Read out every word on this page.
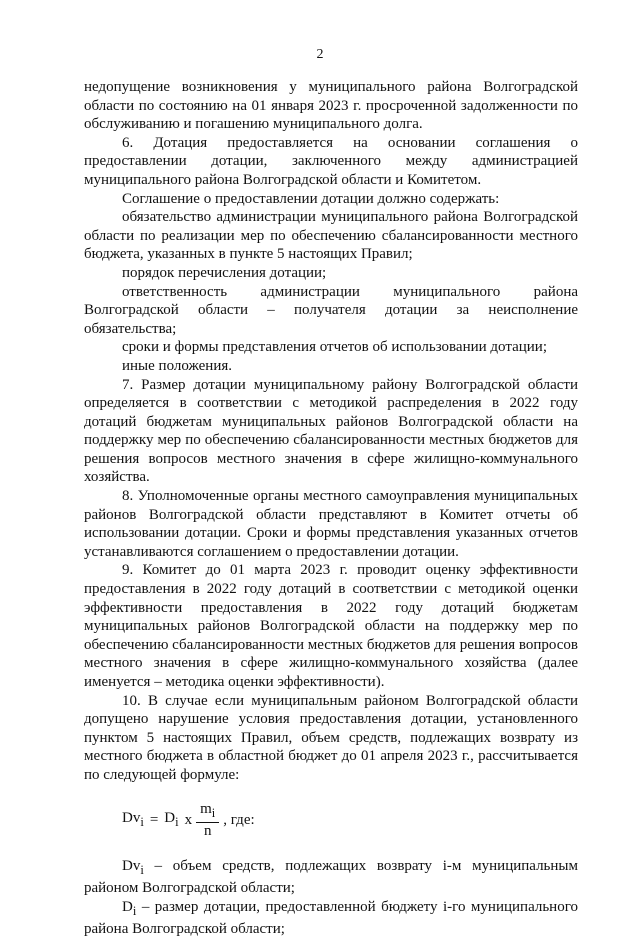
2

недопущение возникновения у муниципального района Волгоградской области по состоянию на 01 января 2023 г. просроченной задолженности по обслуживанию и погашению муниципального долга.

6. Дотация предоставляется на основании соглашения о предоставлении дотации, заключенного между администрацией муниципального района Волгоградской области и Комитетом.

Соглашение о предоставлении дотации должно содержать:

обязательство администрации муниципального района Волгоградской области по реализации мер по обеспечению сбалансированности местного бюджета, указанных в пункте 5 настоящих Правил;

порядок перечисления дотации;

ответственность администрации муниципального района Волгоградской области – получателя дотации за неисполнение обязательства;

сроки и формы представления отчетов об использовании дотации;

иные положения.

7. Размер дотации муниципальному району Волгоградской области определяется в соответствии с методикой распределения в 2022 году дотаций бюджетам муниципальных районов Волгоградской области на поддержку мер по обеспечению сбалансированности местных бюджетов для решения вопросов местного значения в сфере жилищно-коммунального хозяйства.

8. Уполномоченные органы местного самоуправления муниципальных районов Волгоградской области представляют в Комитет отчеты об использовании дотации. Сроки и формы представления указанных отчетов устанавливаются соглашением о предоставлении дотации.

9. Комитет до 01 марта 2023 г. проводит оценку эффективности предоставления в 2022 году дотаций в соответствии с методикой оценки эффективности предоставления в 2022 году дотаций бюджетам муниципальных районов Волгоградской области на поддержку мер по обеспечению сбалансированности местных бюджетов для решения вопросов местного значения в сфере жилищно-коммунального хозяйства (далее именуется – методика оценки эффективности).

10. В случае если муниципальным районом Волгоградской области допущено нарушение условия предоставления дотации, установленного пунктом 5 настоящих Правил, объем средств, подлежащих возврату из местного бюджета в областной бюджет до 01 апреля 2023 г., рассчитывается по следующей формуле:

$Dv_i = D_i$ x $\frac{m_i}{n}$ , где:

$Dv_i$ – объем средств, подлежащих возврату i-м муниципальным районом Волгоградской области;

$D_i$ – размер дотации, предоставленной бюджету i-го муниципального района Волгоградской области;
